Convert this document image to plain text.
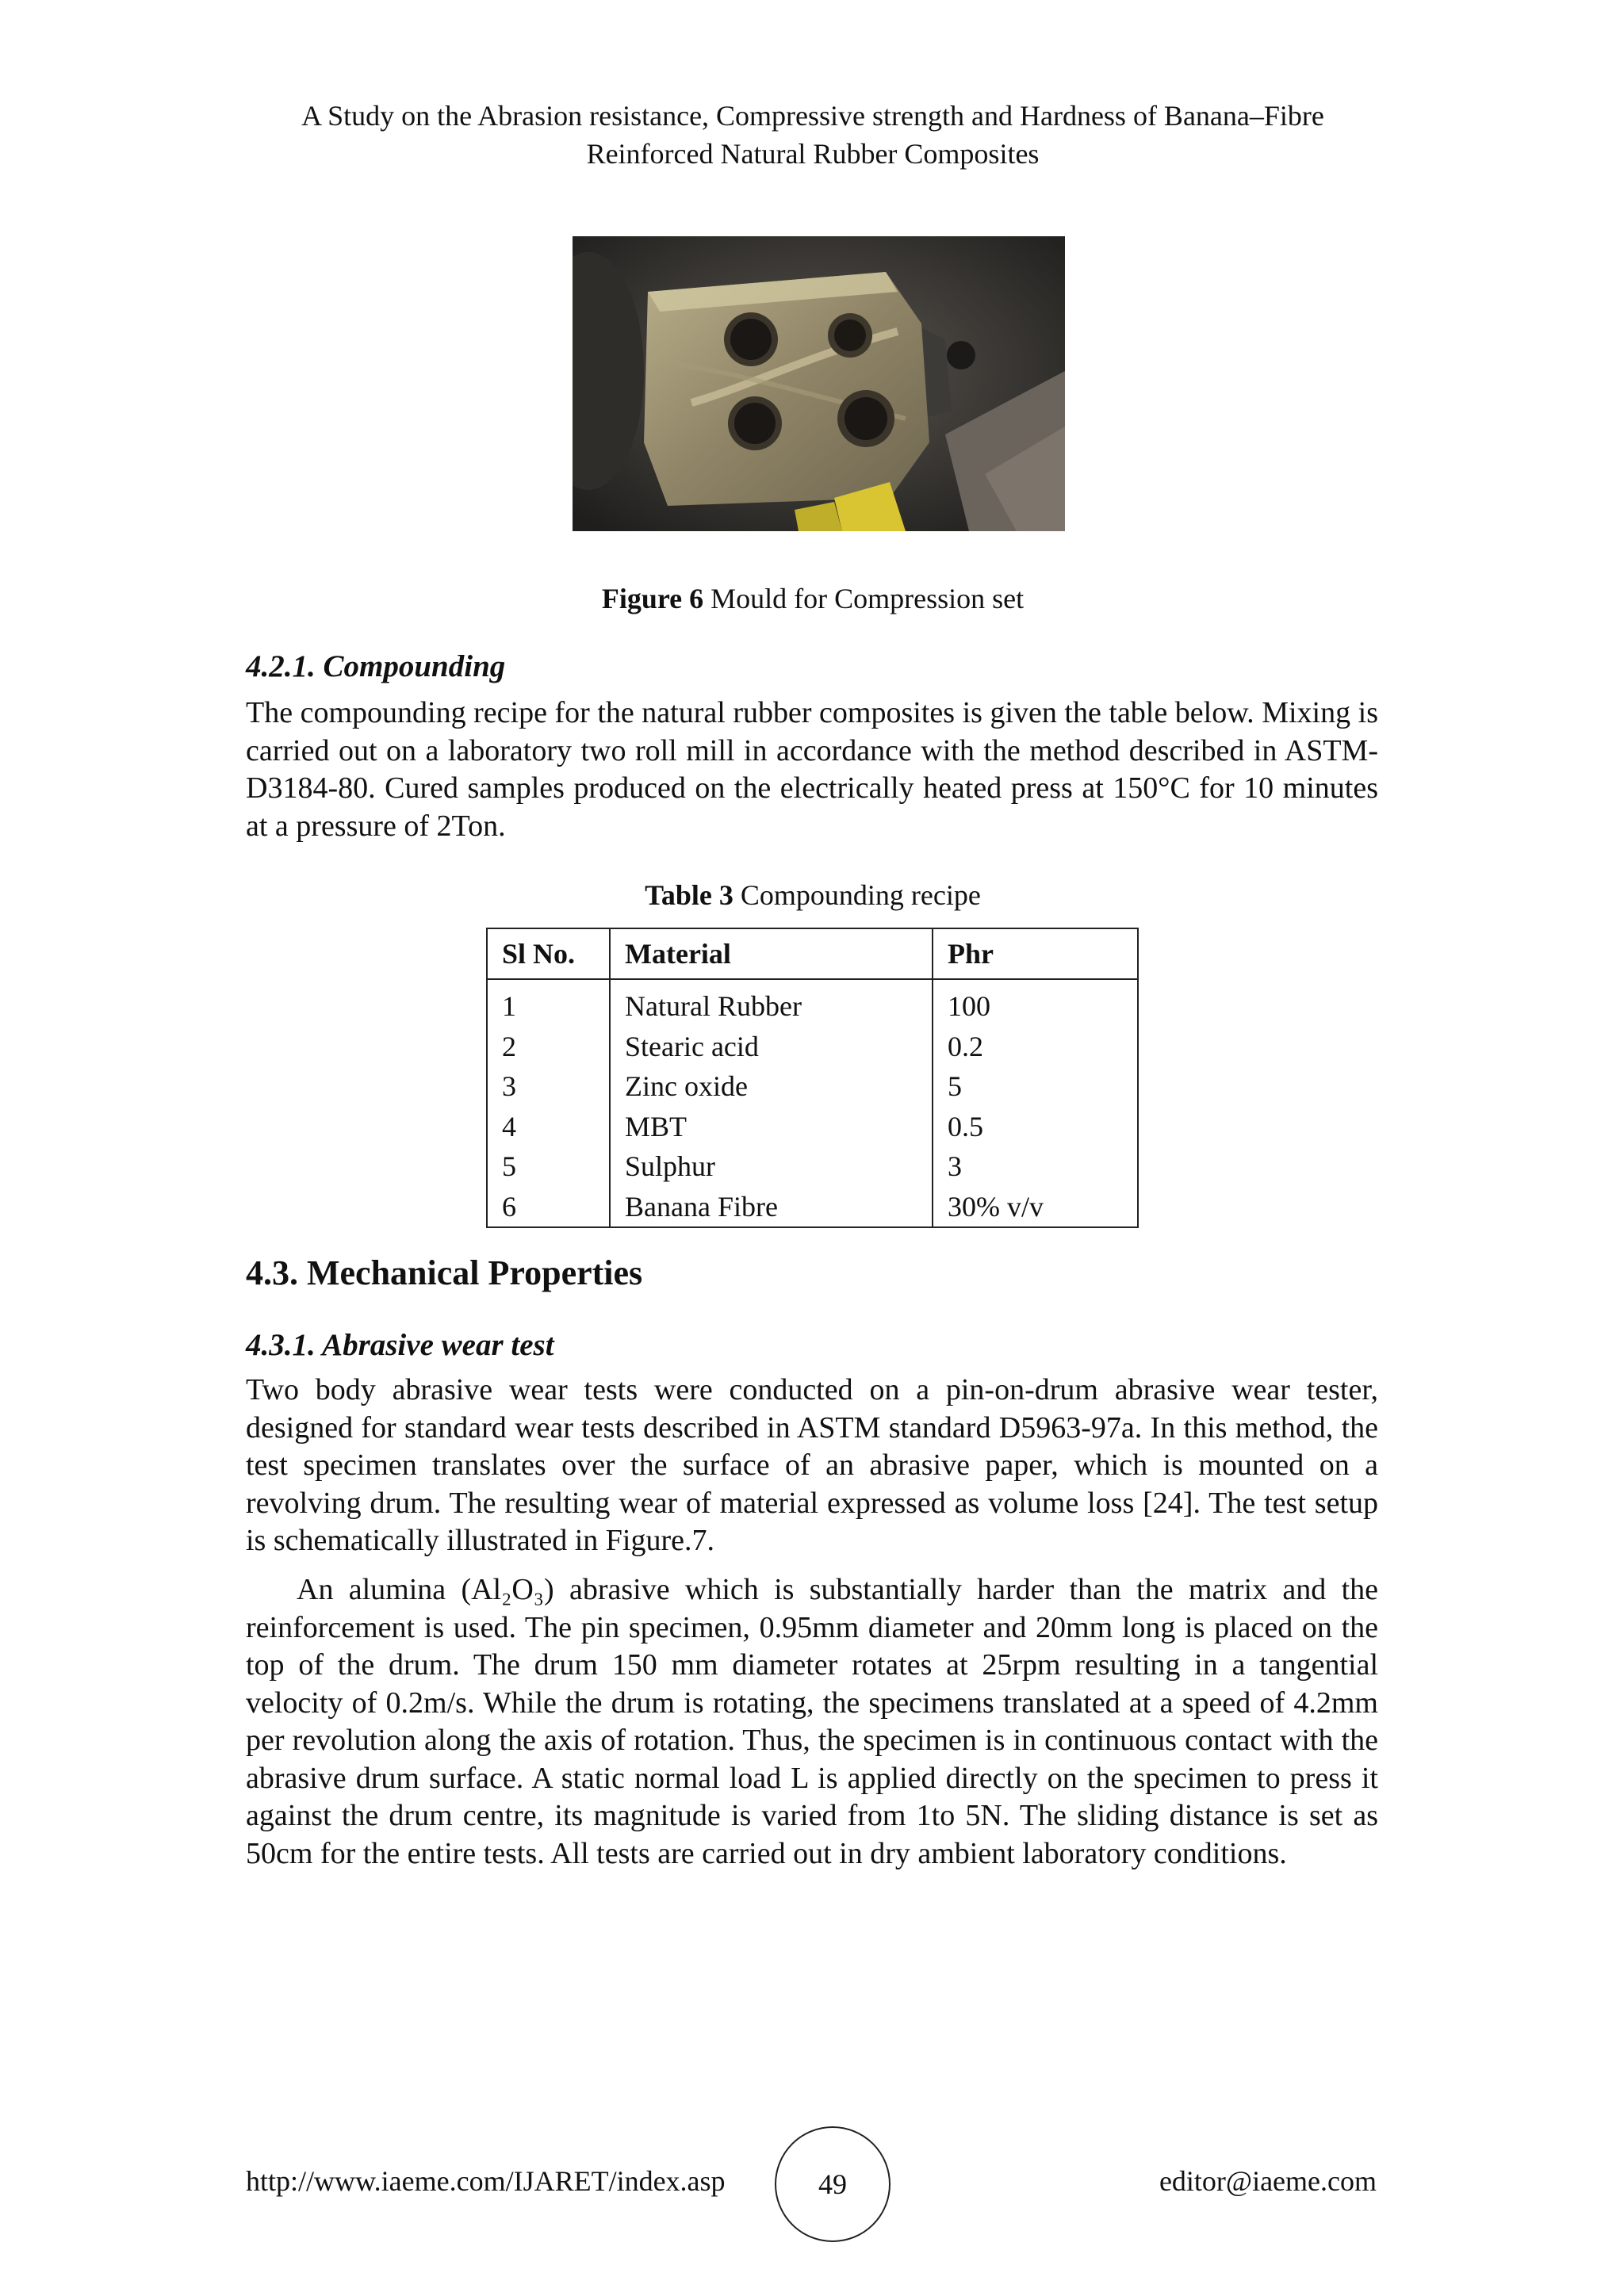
A Study on the Abrasion resistance, Compressive strength and Hardness of Banana–Fibre
Reinforced Natural Rubber Composites
Figure 6 Mould for Compression set
4.2.1. Compounding

The compounding recipe for the natural rubber composites is given the table below. Mixing is carried out on a laboratory two roll mill in accordance with the method described in ASTM-D3184-80. Cured samples produced on the electrically heated press at 150°C for 10 minutes at a pressure of 2Ton.

Table 3 Compounding recipe
Sl No.	Material	Phr
1	Natural Rubber	100
2	Stearic acid	0.2
3	Zinc oxide	5
4	MBT	0.5
5	Sulphur	3
6	Banana Fibre	30% v/v
4.3. Mechanical Properties
4.3.1. Abrasive wear test

Two body abrasive wear tests were conducted on a pin-on-drum abrasive wear tester, designed for standard wear tests described in ASTM standard D5963-97a. In this method, the test specimen translates over the surface of an abrasive paper, which is mounted on a revolving drum. The resulting wear of material expressed as volume loss [24]. The test setup is schematically illustrated in Figure.7.

An alumina (Al₂O₃) abrasive which is substantially harder than the matrix and the reinforcement is used. The pin specimen, 0.95mm diameter and 20mm long is placed on the top of the drum. The drum 150 mm diameter rotates at 25rpm resulting in a tangential velocity of 0.2m/s. While the drum is rotating, the specimens translated at a speed of 4.2mm per revolution along the axis of rotation. Thus, the specimen is in continuous contact with the abrasive drum surface. A static normal load L is applied directly on the specimen to press it against the drum centre, its magnitude is varied from 1to 5N. The sliding distance is set as 50cm for the entire tests. All tests are carried out in dry ambient laboratory conditions.

http://www.iaeme.com/IJARET/index.asp	49	editor@iaeme.com
